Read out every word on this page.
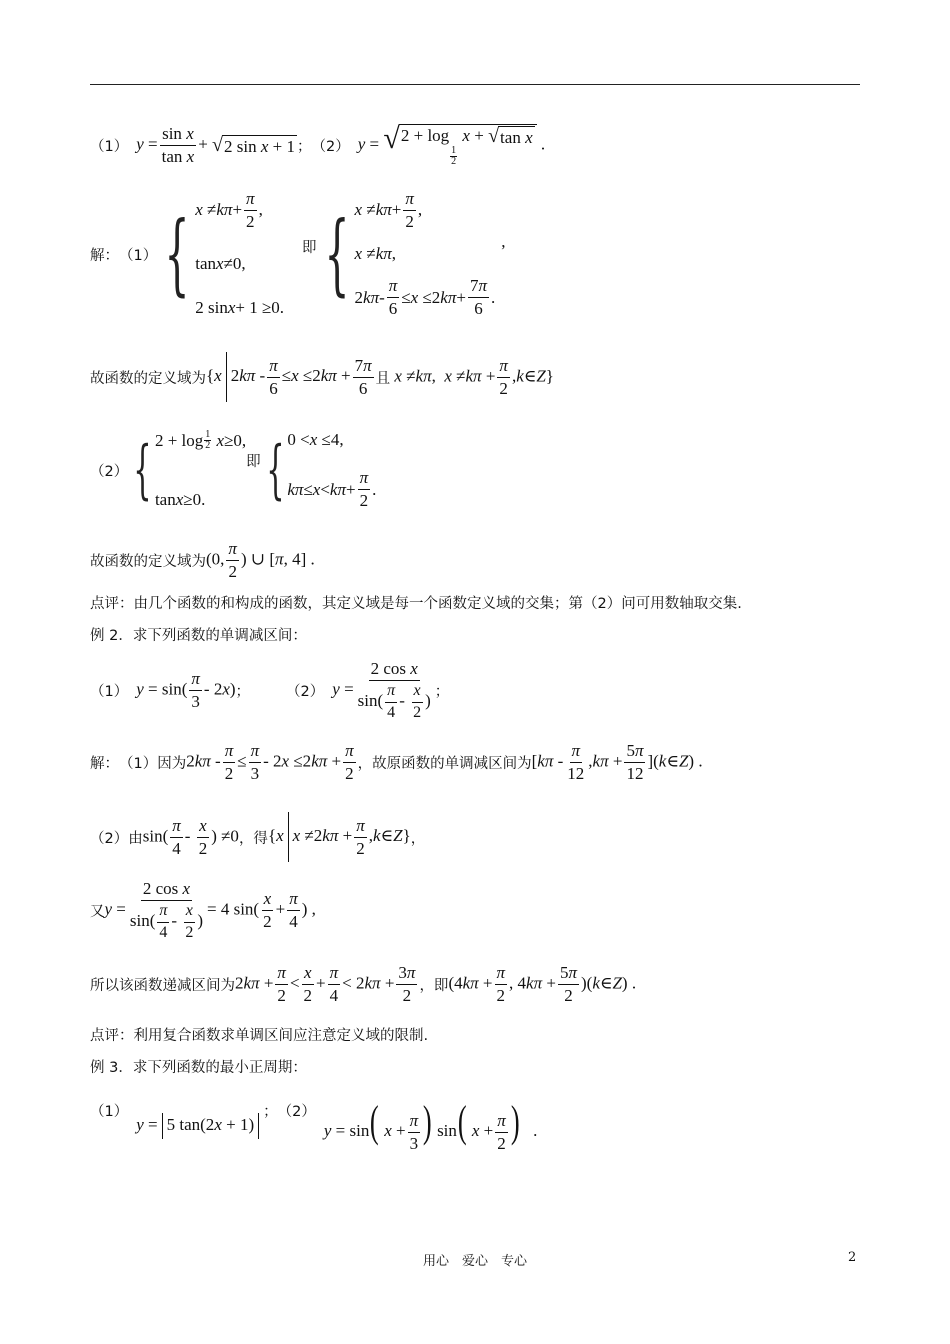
（1） $y = \frac{\text{sin x}}{\text{tan x}}$ + √ 2 sin x + 1 ； （2） y = √ 2 + log
$\frac{1}{2}$
x + √ tan x .
解： （1） { $x \ne k\pi + \frac{\pi}{2}$ ,
tan x ≠0,
2 sin x + 1 ≥0.
即 { $x \ne k\pi + \frac{\pi}{2}$ ,
x ≠ kπ ,
2 $k\pi - \frac{\pi}{6} \le x \le 2$ $k\pi + \frac{7\pi}{6}$ .
,
故函数的定义域为 {x $2k\pi - \frac{\pi}{6} \le x \le 2k\pi + \frac{7\pi}{6}$ 且 x ≠kπ,  $x \ne k\pi + \frac{\pi}{2}$ ,k∈Z}
（2） { 2 + log 1
2
x ≥0,
tan x ≥0.
即 { 0 < x ≤4,
$k\pi \le x < k\pi + \frac{\pi}{2}$ .
故函数的定义域为 (0, $\frac{\pi}{2}$ ) ∪ [π, 4] .
点评： 由几个函数的和构成的函数，其定义域是每一个函数定义域的交集；第（2）问可用数轴取交集.
例 2．求下列函数的单调减区间：
（1） $y = \sin( \frac{\pi}{3} - 2x)$ ； （2） $y = \frac{\text{2 cos x}}{\sin( \frac{\pi}{4} - \frac{x}{2} )}$ ；
解： （1） 因为 $2k\pi - \frac{\pi}{2} \le \frac{\pi}{3} - 2x \le 2k\pi + \frac{\pi}{2}$ ，故原函数的单调减区间为 [$k\pi - \frac{\pi}{12} ,k\pi + \frac{5\pi}{12}$ ](k∈Z) .
（2） 由 $\sin( \frac{\pi}{4} - \frac{x}{2}$ ) ≠0 ，得 {x $x \ne 2k\pi + \frac{\pi}{2}$ ,k∈Z} ，
又 $y = \frac{\text{2 cos x}}{\sin( \frac{\pi}{4} - \frac{x}{2} )} = 4$ $\sin( \frac{x}{2} + \frac{\pi}{4}$ ) ,
所以该函数递减区间为 $2k\pi + \frac{\pi}{2} < \frac{x}{2} + \frac{\pi}{4} < 2k\pi + \frac{3\pi}{2}$ ，即 ($4k\pi + \frac{\pi}{2}$ , $4k\pi + \frac{5\pi}{2}$ )(k∈Z) .
点评： 利用复合函数求单调区间应注意定义域的限制.
例 3．求下列函数的最小正周期：
（1）
y = 5 tan(2x + 1)
； （2）
y = sin( $x + \frac{\pi}{3}$ ) sin( $x + \frac{\pi}{2}$ )   .
用心　爱心　专心	2
